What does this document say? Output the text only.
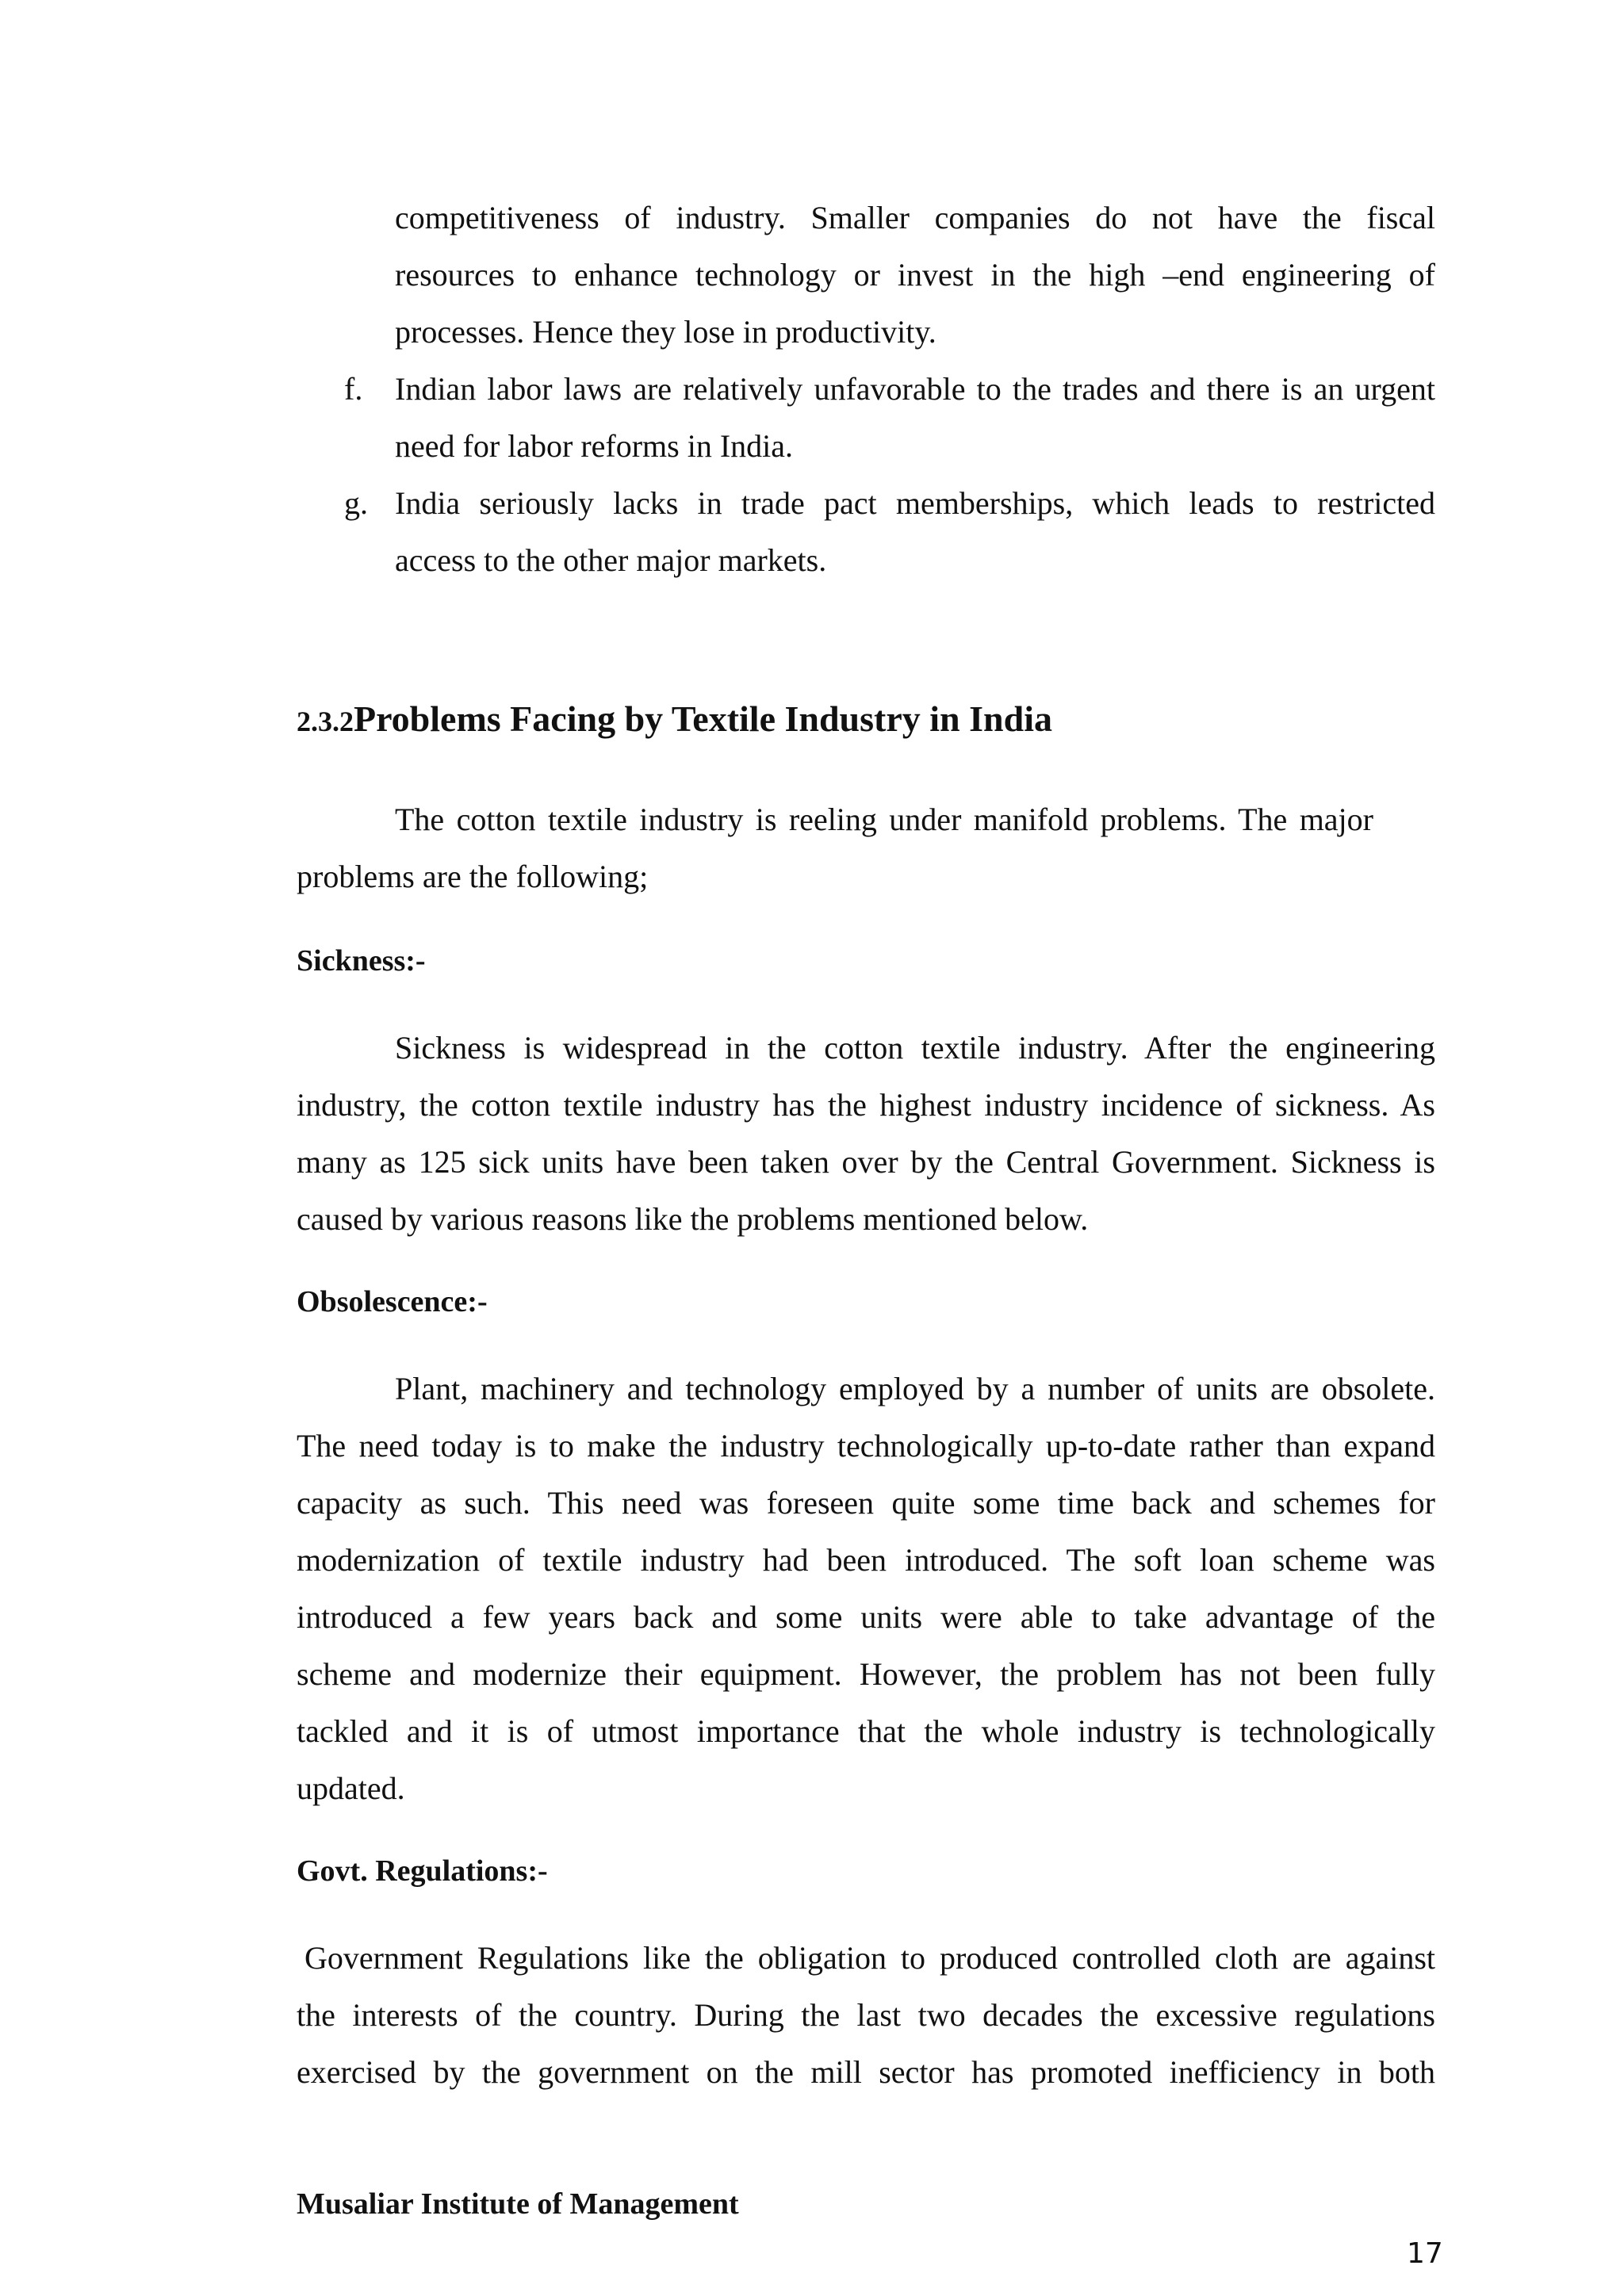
competitiveness of industry. Smaller companies do not have the fiscal
resources to enhance technology or invest in the high –end engineering of
processes. Hence they lose in productivity.
f. Indian labor laws are relatively unfavorable to the trades and there is an urgent
need for labor reforms in India.
g. India seriously lacks in trade pact memberships, which leads to restricted
access to the other major markets.
2.3.2Problems Facing by Textile Industry in India
The cotton textile industry is reeling under manifold problems. The major
problems are the following;
Sickness:-
Sickness is widespread in the cotton textile industry. After the engineering
industry, the cotton textile industry has the highest industry incidence of sickness. As
many as 125 sick units have been taken over by the Central Government. Sickness is
caused by various reasons like the problems mentioned below.
Obsolescence:-
Plant, machinery and technology employed by a number of units are obsolete.
The need today is to make the industry technologically up-to-date rather than expand
capacity as such. This need was foreseen quite some time back and schemes for
modernization of textile industry had been introduced. The soft loan scheme was
introduced a few years back and some units were able to take advantage of the
scheme and modernize their equipment. However, the problem has not been fully
tackled and it is of utmost importance that the whole industry is technologically
updated.
Govt. Regulations:-
Government Regulations like the obligation to produced controlled cloth are against
the interests of the country. During the last two decades the excessive regulations
exercised by the government on the mill sector has promoted inefficiency in both
Musaliar Institute of Management
17
